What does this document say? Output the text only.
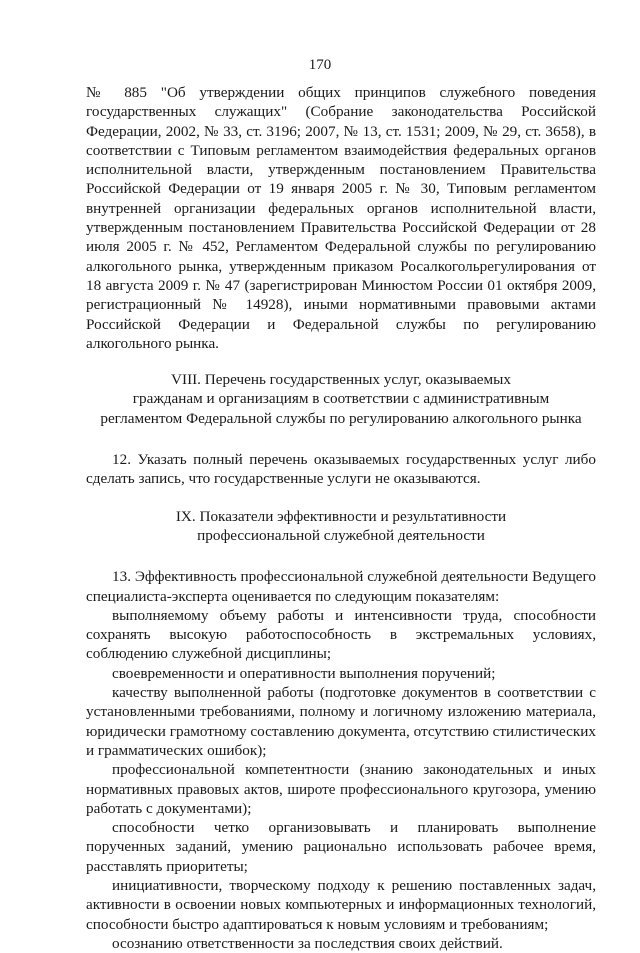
170

№ 885 "Об утверждении общих принципов служебного поведения государственных служащих" (Собрание законодательства Российской Федерации, 2002, № 33, ст. 3196; 2007, № 13, ст. 1531; 2009, № 29, ст. 3658), в соответствии с Типовым регламентом взаимодействия федеральных органов исполнительной власти, утвержденным постановлением Правительства Российской Федерации от 19 января 2005 г. № 30, Типовым регламентом внутренней организации федеральных органов исполнительной власти, утвержденным постановлением Правительства Российской Федерации от 28 июля 2005 г. № 452, Регламентом Федеральной службы по регулированию алкогольного рынка, утвержденным приказом Росалкогольрегулирования от 18 августа 2009 г. № 47 (зарегистрирован Минюстом России 01 октября 2009, регистрационный № 14928), иными нормативными правовыми актами Российской Федерации и Федеральной службы по регулированию алкогольного рынка.

VIII. Перечень государственных услуг, оказываемых
гражданам и организациям в соответствии с административным
регламентом Федеральной службы по регулированию алкогольного рынка

12. Указать полный перечень оказываемых государственных услуг либо сделать запись, что государственные услуги не оказываются.

IX. Показатели эффективности и результативности
профессиональной служебной деятельности

13. Эффективность профессиональной служебной деятельности Ведущего специалиста-эксперта оценивается по следующим показателям:

выполняемому объему работы и интенсивности труда, способности сохранять высокую работоспособность в экстремальных условиях, соблюдению служебной дисциплины;

своевременности и оперативности выполнения поручений;

качеству выполненной работы (подготовке документов в соответствии с установленными требованиями, полному и логичному изложению материала, юридически грамотному составлению документа, отсутствию стилистических и грамматических ошибок);

профессиональной компетентности (знанию законодательных и иных нормативных правовых актов, широте профессионального кругозора, умению работать с документами);

способности четко организовывать и планировать выполнение порученных заданий, умению рационально использовать рабочее время, расставлять приоритеты;

инициативности, творческому подходу к решению поставленных задач, активности в освоении новых компьютерных и информационных технологий, способности быстро адаптироваться к новым условиям и требованиям;

осознанию ответственности за последствия своих действий.
